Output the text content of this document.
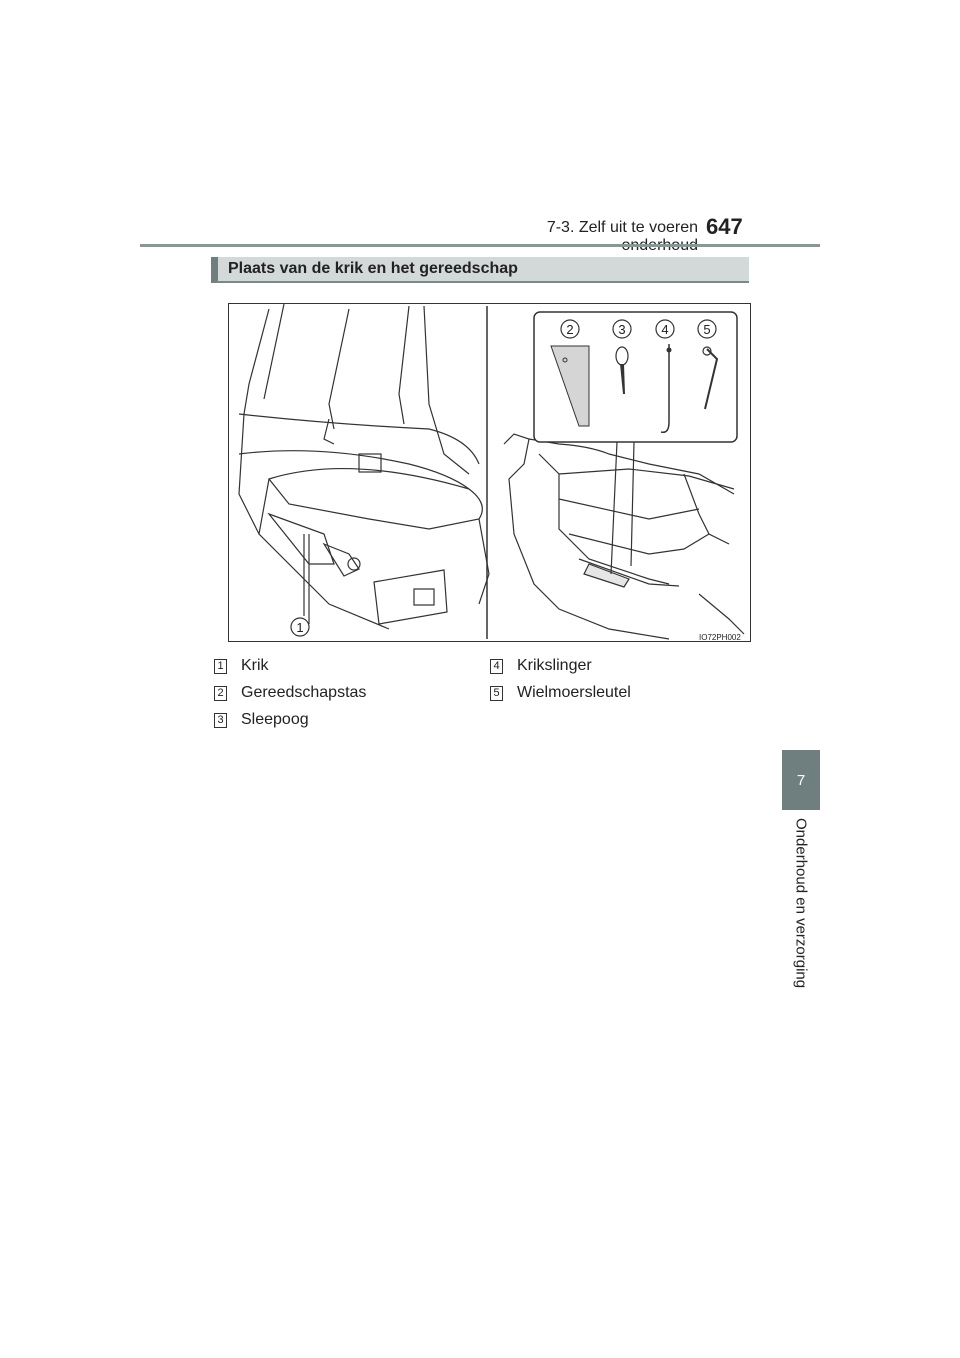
7-3. Zelf uit te voeren 647
7
Onderhoud en verzorging
Plaats van de krik en het gereedschap
1
2	3	4	5
IO72PH002
1 Krik
2 Gereedschapstas
3 Sleepoog
4 Krikslinger
5 Wielmoersleutel
